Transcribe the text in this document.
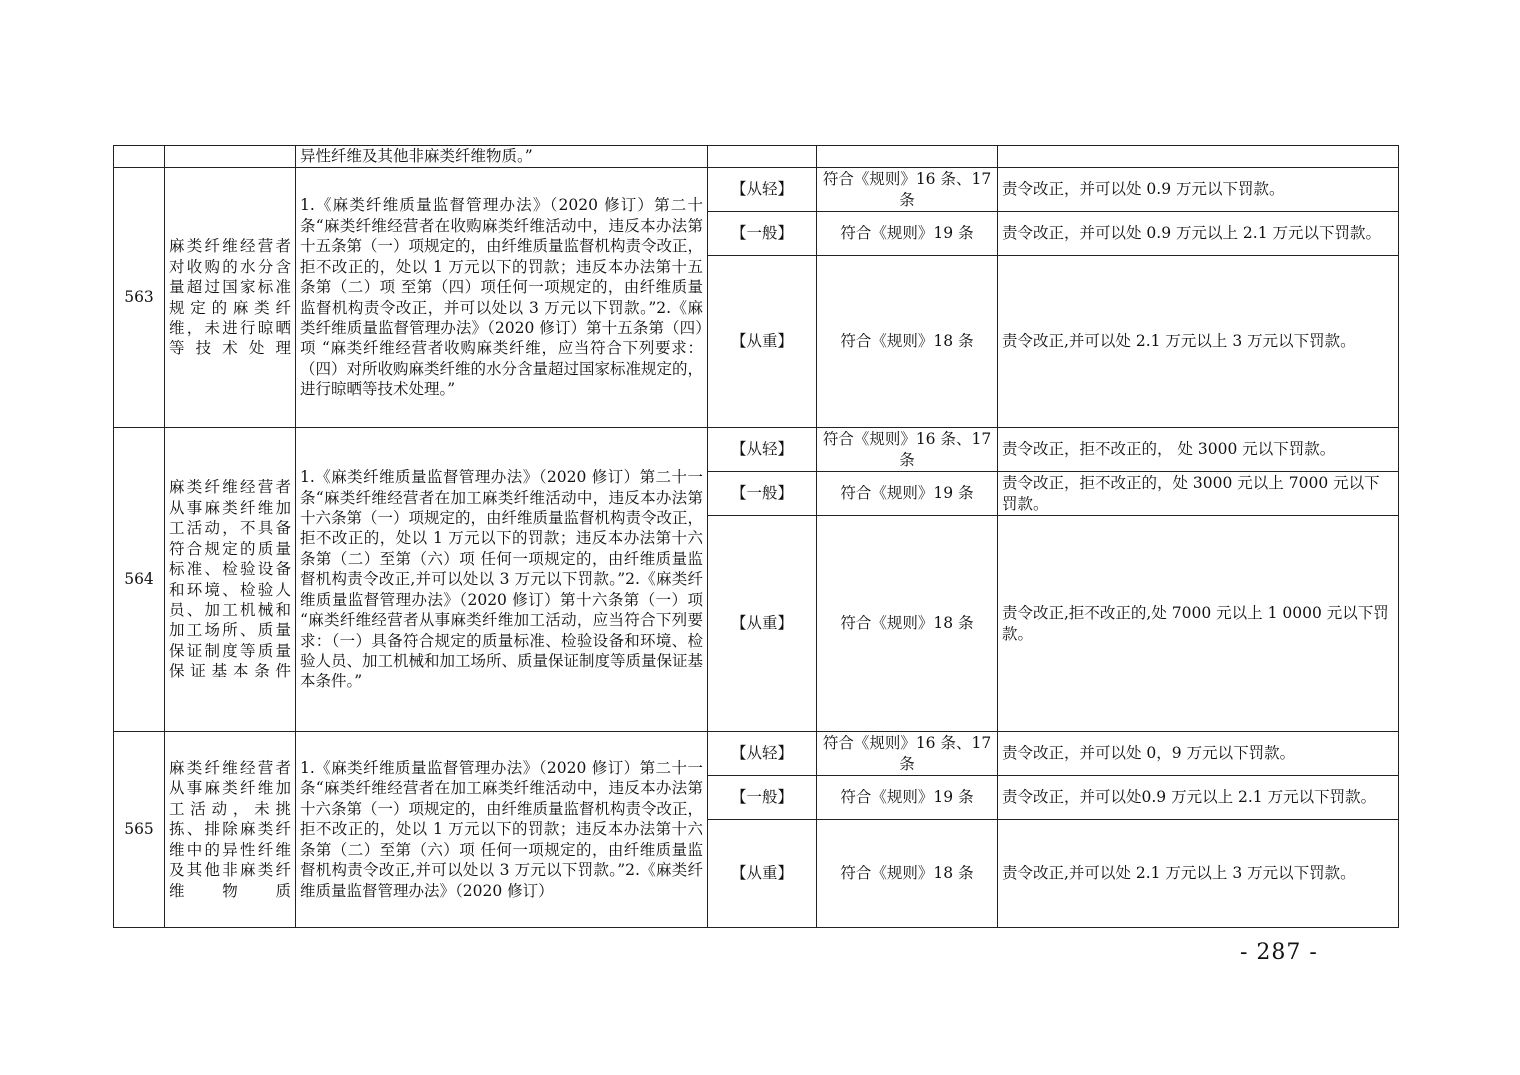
		异性纤维及其他非麻类纤维物质。”			
563	麻类纤维经营者对收购的水分含量超过国家标准规定的麻类纤维，未进行晾晒等技术处理	1.《麻类纤维质量监督管理办法》（2020 修订）第二十条“麻类纤维经营者在收购麻类纤维活动中，违反本办法第十五条第（一）项规定的，由纤维质量监督机构责令改正，拒不改正的，处以 1 万元以下的罚款；违反本办法第十五条第（二）项 至第（四）项任何一项规定的，由纤维质量监督机构责令改正，并可以处以 3 万元以下罚款。”2.《麻类纤维质量监督管理办法》（2020 修订）第十五条第（四）项 “麻类纤维经营者收购麻类纤维，应当符合下列要求：（四）对所收购麻类纤维的水分含量超过国家标准规定的，进行晾晒等技术处理。”	【从轻】	符合《规则》16 条、17 条	责令改正，并可以处 0.9 万元以下罚款。
			【一般】	符合《规则》19 条	责令改正，并可以处 0.9 万元以上 2.1 万元以下罚款。
			【从重】	符合《规则》18 条	责令改正,并可以处 2.1 万元以上 3 万元以下罚款。
564	麻类纤维经营者从事麻类纤维加工活动，不具备符合规定的质量标准、检验设备和环境、检验人员、加工机械和加工场所、质量保证制度等质量保证基本条件	1.《麻类纤维质量监督管理办法》（2020 修订）第二十一条“麻类纤维经营者在加工麻类纤维活动中，违反本办法第十六条第（一）项规定的，由纤维质量监督机构责令改正，拒不改正的，处以 1 万元以下的罚款；违反本办法第十六条第（二）至第（六）项 任何一项规定的，由纤维质量监督机构责令改正,并可以处以 3 万元以下罚款。”2.《麻类纤维质量监督管理办法》（2020 修订）第十六条第（一）项 “麻类纤维经营者从事麻类纤维加工活动，应当符合下列要求：（一）具备符合规定的质量标准、检验设备和环境、检验人员、加工机械和加工场所、质量保证制度等质量保证基本条件。”	【从轻】	符合《规则》16 条、17 条	责令改正，拒不改正的， 处 3000 元以下罚款。
			【一般】	符合《规则》19 条	责令改正，拒不改正的，处 3000 元以上 7000 元以下罚款。
			【从重】	符合《规则》18 条	责令改正,拒不改正的,处 7000 元以上 1 0000 元以下罚款。
565	麻类纤维经营者从事麻类纤维加工活动，未挑拣、排除麻类纤维中的异性纤维及其他非麻类纤维物质	1.《麻类纤维质量监督管理办法》（2020 修订）第二十一条“麻类纤维经营者在加工麻类纤维活动中，违反本办法第十六条第（一）项规定的，由纤维质量监督机构责令改正，拒不改正的，处以 1 万元以下的罚款；违反本办法第十六条第（二）至第（六）项 任何一项规定的，由纤维质量监督机构责令改正,并可以处以 3 万元以下罚款。”2.《麻类纤维质量监督管理办法》（2020 修订）	【从轻】	符合《规则》16 条、17 条	责令改正，并可以处 0，9 万元以下罚款。
			【一般】	符合《规则》19 条	责令改正，并可以处0.9 万元以上 2.1 万元以下罚款。
			【从重】	符合《规则》18 条	责令改正,并可以处 2.1 万元以上 3 万元以下罚款。
- 287 -
